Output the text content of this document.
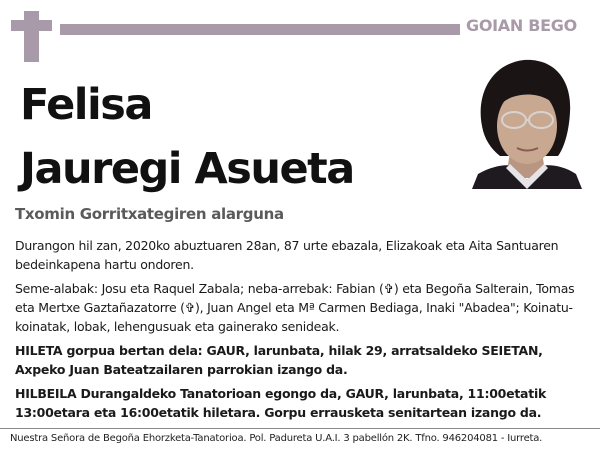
GOIAN BEGO
Felisa
Jauregi Asueta
Txomin Gorritxategiren alarguna
Durangon hil zan, 2020ko abuztuaren 28an, 87 urte ebazala, Elizakoak eta Aita Santuaren bedeinkapena hartu ondoren.
Seme-alabak: Josu eta Raquel Zabala; neba-arrebak: Fabian (✞) eta Begoña Salterain, Tomas eta Mertxe Gaztañazatorre (✞), Juan Angel eta Mª Carmen Bediaga, Inaki "Abadea"; Koinatu-koinatak, lobak, lehengusuak eta gainerako senideak.
HILETA gorpua bertan dela: GAUR, larunbata, hilak 29, arratsaldeko SEIETAN, Axpeko Juan Bateatzailaren parrokian izango da.
HILBEILA Durangaldeko Tanatorioan egongo da, GAUR, larunbata, 11:00etatik 13:00etara eta 16:00etatik hiletara. Gorpu errausketa senitartean izango da.
Nuestra Señora de Begoña Ehorzketa-Tanatorioa. Pol. Padureta U.A.I. 3 pabellón 2K. Tfno. 946204081 - Iurreta.
